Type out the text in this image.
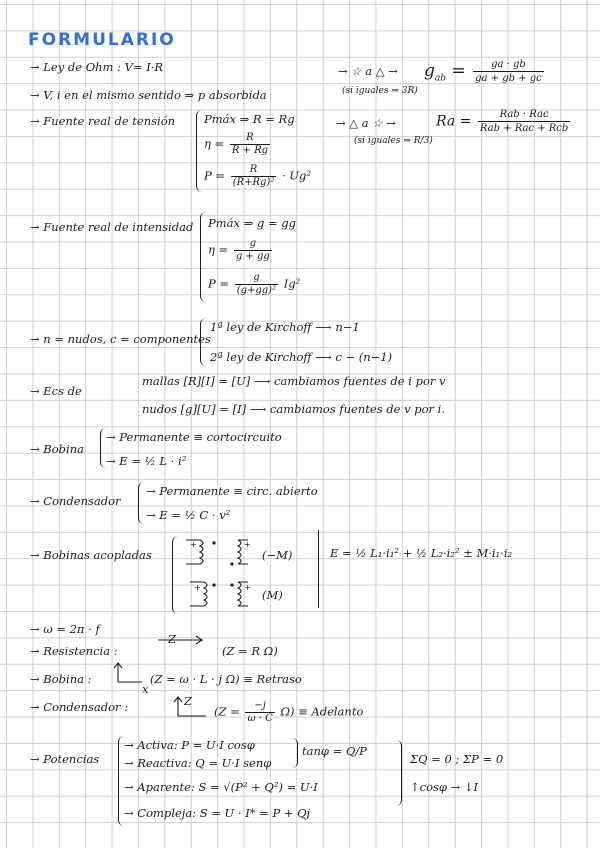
FORMULARIO
→ Ley de Ohm : V= I·R
→ V, i en el mismo sentido ⇒ p absorbida
→ ☆ a △ → $g_{ab} = \frac{ga \cdot gb}{ga + gb + gc}$
(si iguales ⇒ 3R)
→ △ a ☆ →	$Ra = \frac{\text{Rab · Rac}}{\text{Rab + Rac + Rcb}}$
(si iguales ⇒ R/3)
→ Fuente real de tensión	Pmáx ⇒ R = Rg
$\eta = \frac{R}{R + Rg}$
$P = \frac{R}{\text{(R+Rg)²}} \cdot Ug^2$
→ Fuente real de intensidad Pmáx ⇒ g = gg
$\eta = \frac{g}{g + gg}$
$P = \frac{g}{\text{(g+gg)²}} Ig^2$
→ n = nudos, c = componentes
1ª ley de Kirchoff ⟶ n−1
2ª ley de Kirchoff ⟶ c − (n−1)
→ Ecs de
mallas [R][I] = [U] ⟶ cambiamos fuentes de i por v
nudos [g][U] = [I] ⟶ cambiamos fuentes de v por i.
→ Bobina
→ Permanente ≡ cortocircuito
→ E = ½ L · i²
→ Condensador
→ Permanente ≡ circ. abierto
→ E = ½ C · v²
→ Bobinas acopladas
+
-
+
-
+
-
+
-
(−M)
(M)
E = ½ L₁·i₁² + ½ L₂·i₂² ± M·i₁·i₂
→ ω = 2π · f
→ Resistencia :
Z
(Z = R Ω)
→ Bobina :
x
(Z = ω · L · j Ω) ≡ Retraso
→ Condensador :	Z
$(Z = \frac{-j}{\omega \cdot C} \Omega)$ ≡ Adelanto
→ Potencias
→ Activa: P = U·I cosφ
→ Reactiva: Q = U·I senφ
→ Aparente: S = √(P² + Q²) = U·I
→ Compleja: S = U · I* = P + Qj
tanφ = Q/P
ΣQ = 0 ; ΣP = 0
↑cosφ → ↓I
